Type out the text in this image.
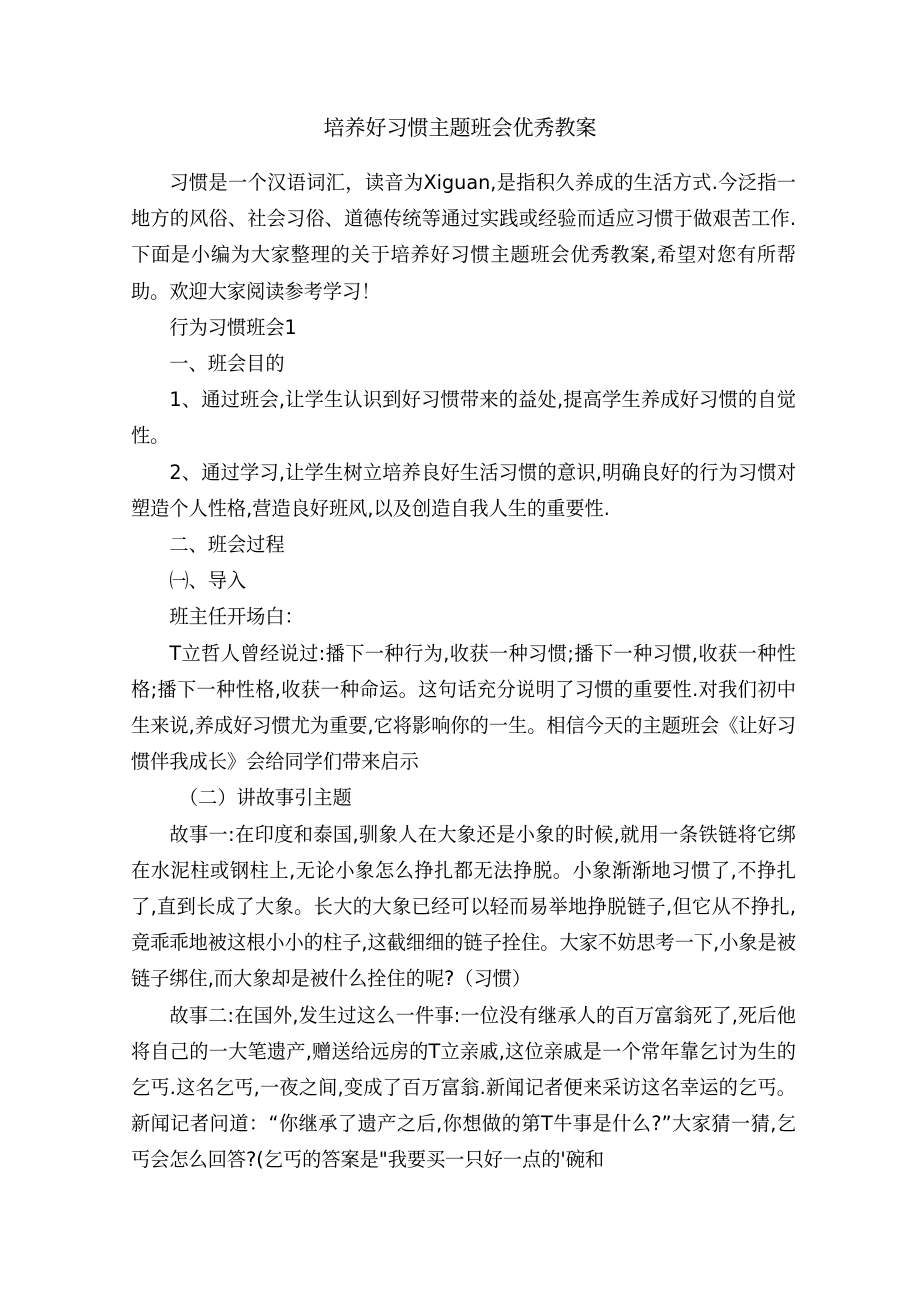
培养好习惯主题班会优秀教案

习惯是一个汉语词汇，读音为Xiguan,是指积久养成的生活方式.今泛指一地方的风俗、社会习俗、道德传统等通过实践或经验而适应习惯于做艰苦工作.下面是小编为大家整理的关于培养好习惯主题班会优秀教案,希望对您有所帮助。欢迎大家阅读参考学习！

行为习惯班会1

一、班会目的

1、通过班会,让学生认识到好习惯带来的益处,提高学生养成好习惯的自觉性。

2、通过学习,让学生树立培养良好生活习惯的意识,明确良好的行为习惯对塑造个人性格,营造良好班风,以及创造自我人生的重要性.

二、班会过程

㈠、导入

班主任开场白：

T立哲人曾经说过:播下一种行为,收获一种习惯;播下一种习惯,收获一种性格;播下一种性格,收获一种命运。这句话充分说明了习惯的重要性.对我们初中生来说,养成好习惯尤为重要,它将影响你的一生。相信今天的主题班会《让好习惯伴我成长》会给同学们带来启示

（二）讲故事引主题

故事一:在印度和泰国,驯象人在大象还是小象的时候,就用一条铁链将它绑在水泥柱或钢柱上,无论小象怎么挣扎都无法挣脱。小象渐渐地习惯了,不挣扎了,直到长成了大象。长大的大象已经可以轻而易举地挣脱链子,但它从不挣扎,竟乖乖地被这根小小的柱子,这截细细的链子拴住。大家不妨思考一下,小象是被链子绑住,而大象却是被什么拴住的呢?（习惯）

故事二:在国外,发生过这么一件事:一位没有继承人的百万富翁死了,死后他将自己的一大笔遗产,赠送给远房的T立亲戚,这位亲戚是一个常年靠乞讨为生的乞丐.这名乞丐,一夜之间,变成了百万富翁.新闻记者便来采访这名幸运的乞丐。新闻记者问道：“你继承了遗产之后,你想做的第T牛事是什么?”大家猜一猜,乞丐会怎么回答?(乞丐的答案是"我要买一只好一点的'碗和
